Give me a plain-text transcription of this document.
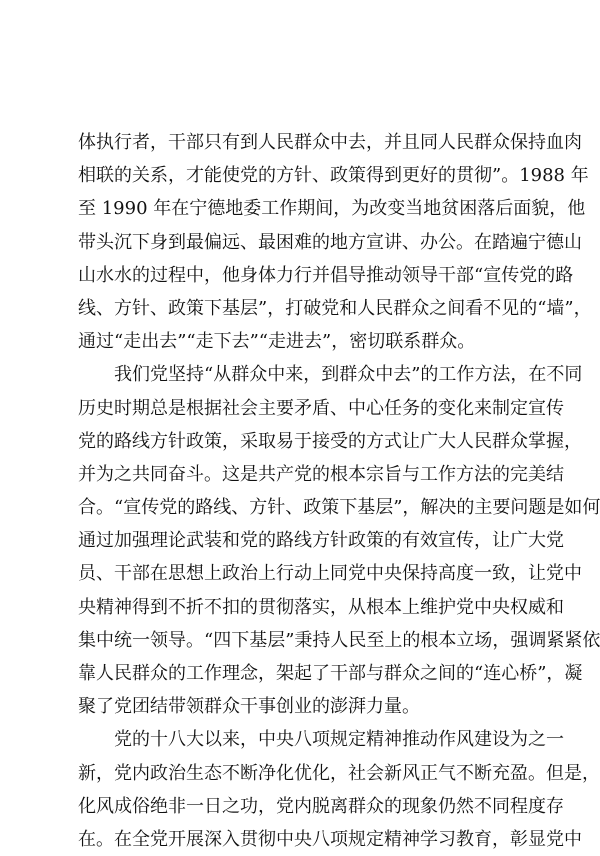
体执行者，干部只有到人民群众中去，并且同人民群众保持血肉
相联的关系，才能使党的方针、政策得到更好的贯彻”。1988 年
至 1990 年在宁德地委工作期间，为改变当地贫困落后面貌，他
带头沉下身到最偏远、最困难的地方宣讲、办公。在踏遍宁德山
山水水的过程中，他身体力行并倡导推动领导干部“宣传党的路
线、方针、政策下基层”，打破党和人民群众之间看不见的“墙”，
通过“走出去”“走下去”“走进去”，密切联系群众。
我们党坚持“从群众中来，到群众中去”的工作方法，在不同
历史时期总是根据社会主要矛盾、中心任务的变化来制定宣传
党的路线方针政策，采取易于接受的方式让广大人民群众掌握，
并为之共同奋斗。这是共产党的根本宗旨与工作方法的完美结
合。“宣传党的路线、方针、政策下基层”，解决的主要问题是如何
通过加强理论武装和党的路线方针政策的有效宣传，让广大党
员、干部在思想上政治上行动上同党中央保持高度一致，让党中
央精神得到不折不扣的贯彻落实，从根本上维护党中央权威和
集中统一领导。“四下基层”秉持人民至上的根本立场，强调紧紧依
靠人民群众的工作理念，架起了干部与群众之间的“连心桥”，凝
聚了党团结带领群众干事创业的澎湃力量。
党的十八大以来，中央八项规定精神推动作风建设为之一
新，党内政治生态不断净化优化，社会新风正气不断充盈。但是，
化风成俗绝非一日之功，党内脱离群众的现象仍然不同程度存
在。在全党开展深入贯彻中央八项规定精神学习教育，彰显党中
